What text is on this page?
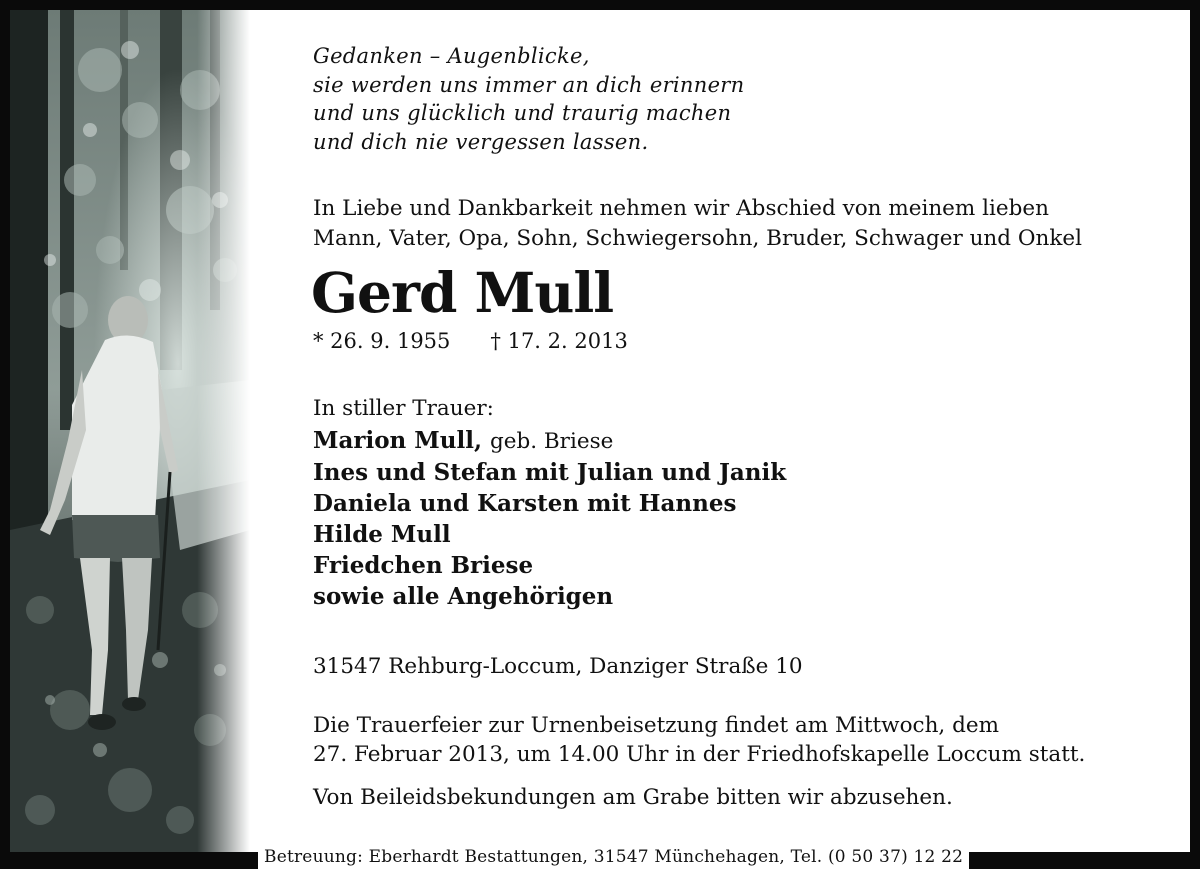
Gedanken – Augenblicke,
sie werden uns immer an dich erinnern
und uns glücklich und traurig machen
und dich nie vergessen lassen.
In Liebe und Dankbarkeit nehmen wir Abschied von meinem lieben
Mann, Vater, Opa, Sohn, Schwiegersohn, Bruder, Schwager und Onkel
Gerd Mull
* 26. 9. 1955 † 17. 2. 2013
In stiller Trauer:
Marion Mull, geb. Briese
Ines und Stefan mit Julian und Janik
Daniela und Karsten mit Hannes
Hilde Mull
Friedchen Briese
sowie alle Angehörigen
31547 Rehburg-Loccum, Danziger Straße 10
Die Trauerfeier zur Urnenbeisetzung findet am Mittwoch, dem
27. Februar 2013, um 14.00 Uhr in der Friedhofskapelle Loccum statt.
Von Beileidsbekundungen am Grabe bitten wir abzusehen.
Betreuung: Eberhardt Bestattungen, 31547 Münchehagen, Tel. (0 50 37) 12 22
